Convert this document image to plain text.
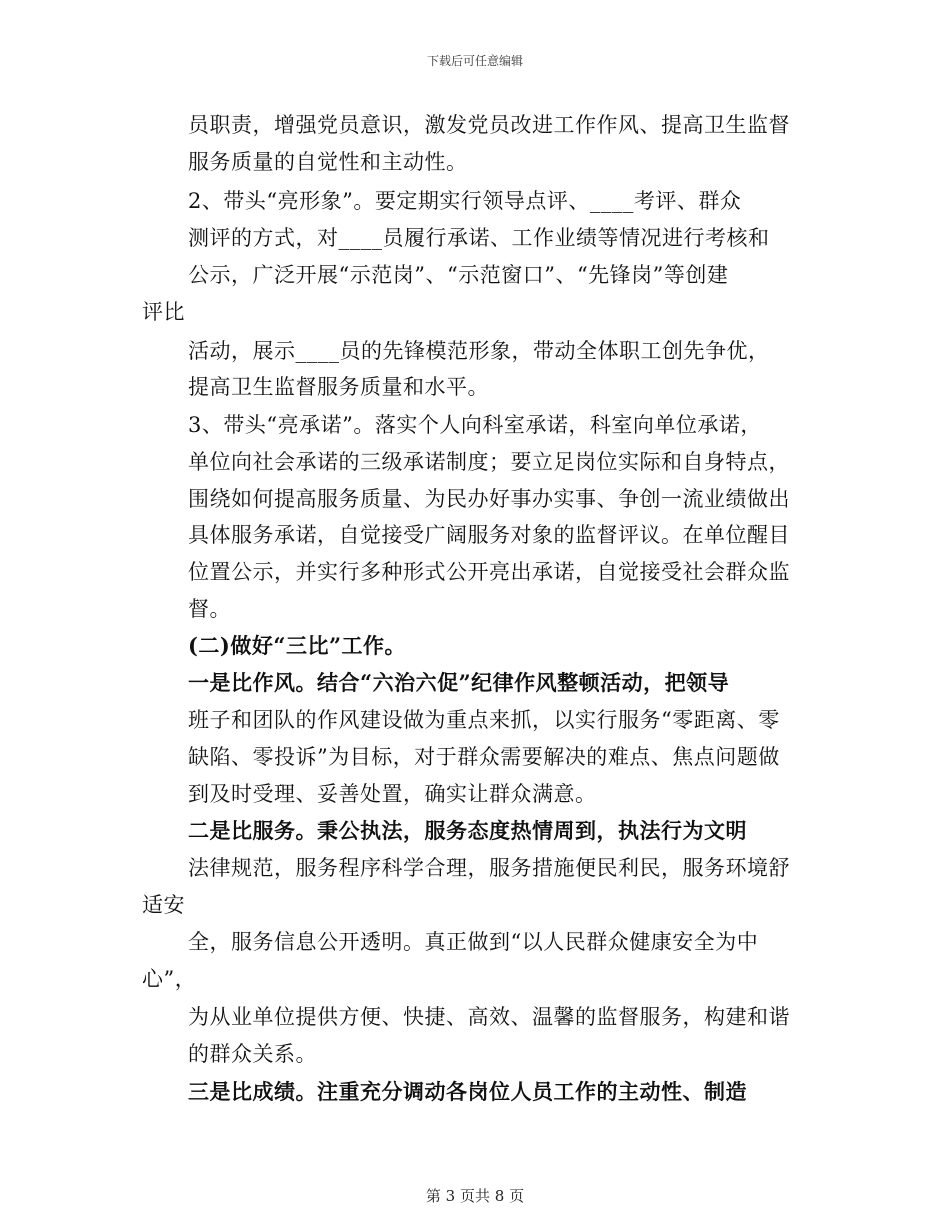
下载后可任意编辑
员职责，增强党员意识，激发党员改进工作作风、提高卫生监督
服务质量的自觉性和主动性。
2、带头“亮形象”。要定期实行领导点评、____考评、群众
测评的方式，对____员履行承诺、工作业绩等情况进行考核和
公示，广泛开展“示范岗”、“示范窗口”、“先锋岗”等创建
评比
活动，展示____员的先锋模范形象，带动全体职工创先争优，
提高卫生监督服务质量和水平。
3、带头“亮承诺”。落实个人向科室承诺，科室向单位承诺，
单位向社会承诺的三级承诺制度；要立足岗位实际和自身特点，
围绕如何提高服务质量、为民办好事办实事、争创一流业绩做出
具体服务承诺，自觉接受广阔服务对象的监督评议。在单位醒目
位置公示，并实行多种形式公开亮出承诺，自觉接受社会群众监
督。
(二)做好“三比”工作。
一是比作风。结合“六治六促”纪律作风整顿活动，把领导
班子和团队的作风建设做为重点来抓，以实行服务“零距离、零
缺陷、零投诉”为目标，对于群众需要解决的难点、焦点问题做
到及时受理、妥善处置，确实让群众满意。
二是比服务。秉公执法，服务态度热情周到，执法行为文明
法律规范，服务程序科学合理，服务措施便民利民，服务环境舒
适安
全，服务信息公开透明。真正做到“以人民群众健康安全为中
心”，
为从业单位提供方便、快捷、高效、温馨的监督服务，构建和谐
的群众关系。
三是比成绩。注重充分调动各岗位人员工作的主动性、制造
第 3 页共 8 页
